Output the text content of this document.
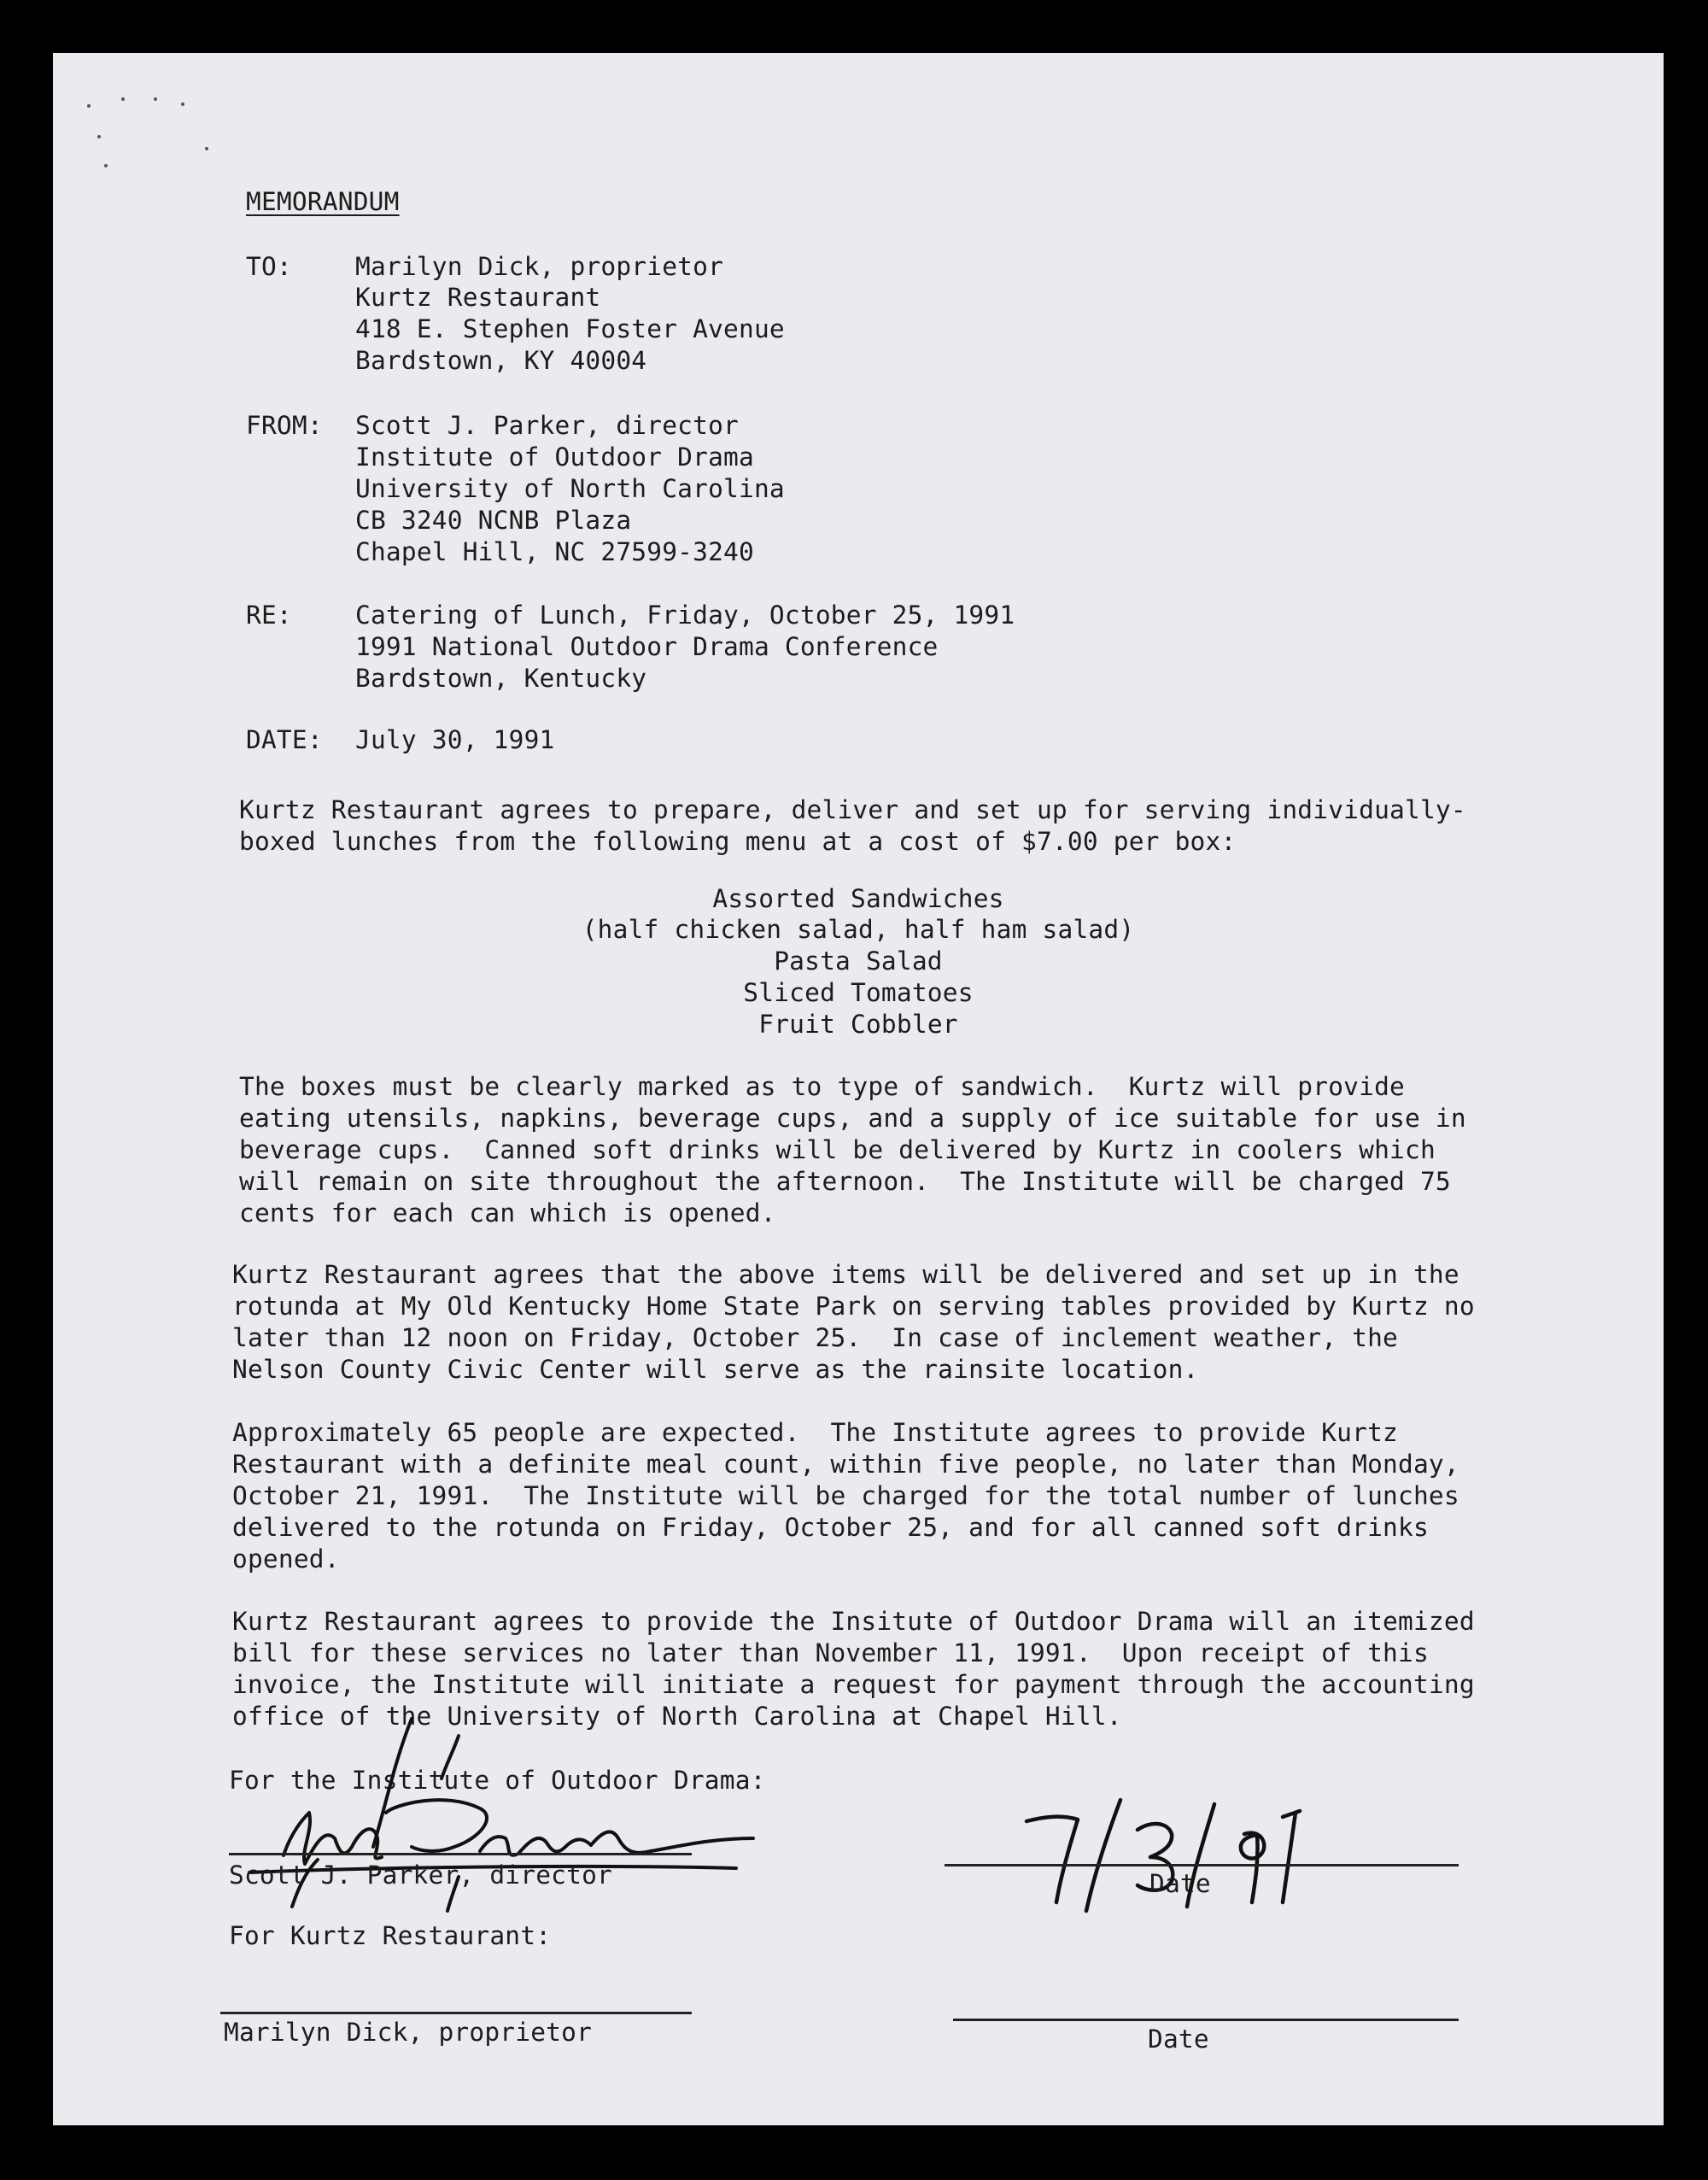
MEMORANDUM
TO:	Marilyn Dick, proprietor
Kurtz Restaurant
418 E. Stephen Foster Avenue
Bardstown, KY 40004
FROM: Scott J. Parker, director
Institute of Outdoor Drama
University of North Carolina
CB 3240 NCNB Plaza
Chapel Hill, NC 27599-3240
RE:	Catering of Lunch, Friday, October 25, 1991
1991 National Outdoor Drama Conference
Bardstown, Kentucky
DATE: July 30, 1991
Kurtz Restaurant agrees to prepare, deliver and set up for serving individually-
boxed lunches from the following menu at a cost of $7.00 per box:
Assorted Sandwiches
(half chicken salad, half ham salad)
Pasta Salad
Sliced Tomatoes
Fruit Cobbler
The boxes must be clearly marked as to type of sandwich.  Kurtz will provide
eating utensils, napkins, beverage cups, and a supply of ice suitable for use in
beverage cups.  Canned soft drinks will be delivered by Kurtz in coolers which
will remain on site throughout the afternoon.  The Institute will be charged 75
cents for each can which is opened.
Kurtz Restaurant agrees that the above items will be delivered and set up in the
rotunda at My Old Kentucky Home State Park on serving tables provided by Kurtz no
later than 12 noon on Friday, October 25.  In case of inclement weather, the
Nelson County Civic Center will serve as the rainsite location.
Approximately 65 people are expected.  The Institute agrees to provide Kurtz
Restaurant with a definite meal count, within five people, no later than Monday,
October 21, 1991.  The Institute will be charged for the total number of lunches
delivered to the rotunda on Friday, October 25, and for all canned soft drinks
opened.
Kurtz Restaurant agrees to provide the Insitute of Outdoor Drama will an itemized
bill for these services no later than November 11, 1991.  Upon receipt of this
invoice, the Institute will initiate a request for payment through the accounting
office of the University of North Carolina at Chapel Hill.
For the Institute of Outdoor Drama:
Scott J. Parker, director	Date
For Kurtz Restaurant:
Marilyn Dick, proprietor	Date
